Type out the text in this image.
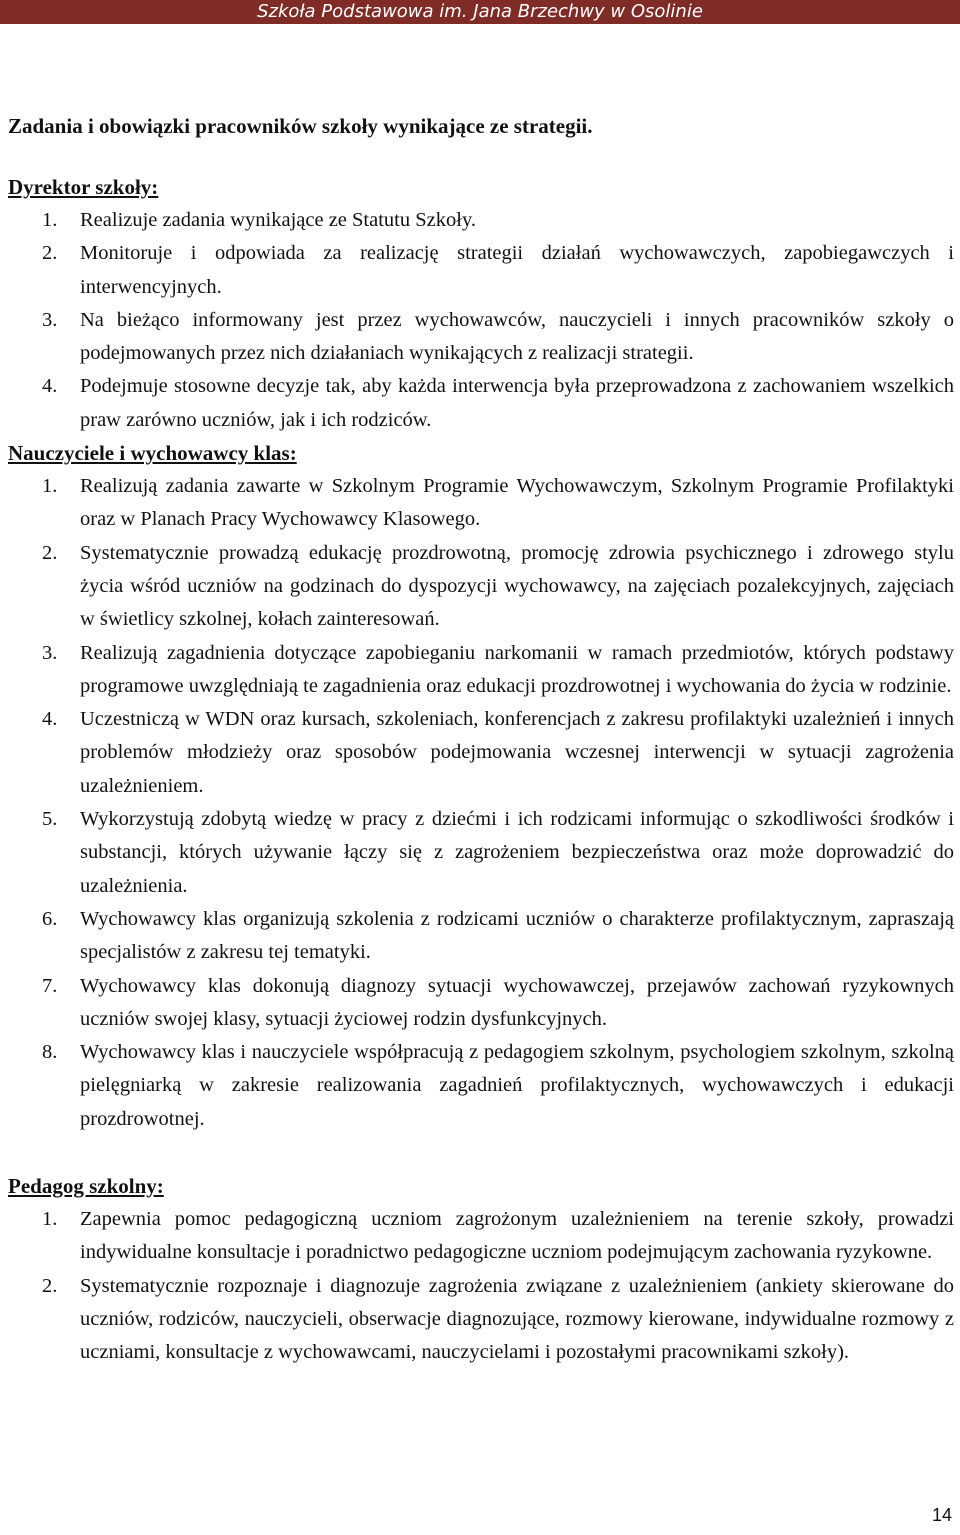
Szkoła Podstawowa im. Jana Brzechwy w Osolinie

Zadania i obowiązki pracowników szkoły wynikające ze strategii.

Dyrektor szkoły:

1. Realizuje zadania wynikające ze Statutu Szkoły.
2. Monitoruje i odpowiada za realizację strategii działań wychowawczych, zapobiegawczych i interwencyjnych.
3. Na bieżąco informowany jest przez wychowawców, nauczycieli i innych pracowników szkoły o podejmowanych przez nich działaniach wynikających z realizacji strategii.
4. Podejmuje stosowne decyzje tak, aby każda interwencja była przeprowadzona z zachowaniem wszelkich praw zarówno uczniów, jak i ich rodziców.

Nauczyciele i wychowawcy klas:

1. Realizują zadania zawarte w Szkolnym Programie Wychowawczym, Szkolnym Programie Profilaktyki oraz w Planach Pracy Wychowawcy Klasowego.
2. Systematycznie prowadzą edukację prozdrowotną, promocję zdrowia psychicznego i zdrowego stylu życia wśród uczniów na godzinach do dyspozycji wychowawcy, na zajęciach pozalekcyjnych, zajęciach w świetlicy szkolnej, kołach zainteresowań.
3. Realizują zagadnienia dotyczące zapobieganiu narkomanii w ramach przedmiotów, których podstawy programowe uwzględniają te zagadnienia oraz edukacji prozdrowotnej i wychowania do życia w rodzinie.
4. Uczestniczą w WDN oraz kursach, szkoleniach, konferencjach z zakresu profilaktyki uzależnień i innych problemów młodzieży oraz sposobów podejmowania wczesnej interwencji w sytuacji zagrożenia uzależnieniem.
5. Wykorzystują zdobytą wiedzę w pracy z dziećmi i ich rodzicami informując o szkodliwości środków i substancji, których używanie łączy się z zagrożeniem bezpieczeństwa oraz może doprowadzić do uzależnienia.
6. Wychowawcy klas organizują szkolenia z rodzicami uczniów o charakterze profilaktycznym, zapraszają specjalistów z zakresu tej tematyki.
7. Wychowawcy klas dokonują diagnozy sytuacji wychowawczej, przejawów zachowań ryzykownych uczniów swojej klasy, sytuacji życiowej rodzin dysfunkcyjnych.
8. Wychowawcy klas i nauczyciele współpracują z pedagogiem szkolnym, psychologiem szkolnym, szkolną pielęgniarką w zakresie realizowania zagadnień profilaktycznych, wychowawczych i edukacji prozdrowotnej.

Pedagog szkolny:

1. Zapewnia pomoc pedagogiczną uczniom zagrożonym uzależnieniem na terenie szkoły, prowadzi indywidualne konsultacje i poradnictwo pedagogiczne uczniom podejmującym zachowania ryzykowne.
2. Systematycznie rozpoznaje i diagnozuje zagrożenia związane z uzależnieniem (ankiety skierowane do uczniów, rodziców, nauczycieli, obserwacje diagnozujące, rozmowy kierowane, indywidualne rozmowy z uczniami, konsultacje z wychowawcami, nauczycielami i pozostałymi pracownikami szkoły).
14
